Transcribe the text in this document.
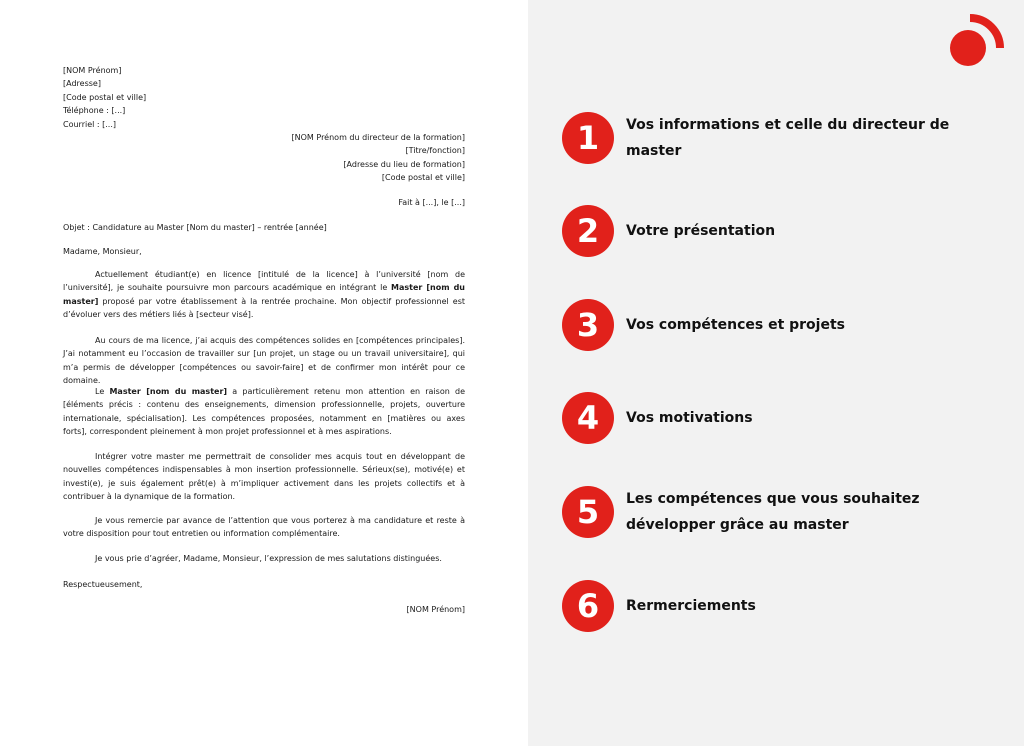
[NOM Prénom]
[Adresse]
[Code postal et ville]
Téléphone : [...]
Courriel : [...]
[NOM Prénom du directeur de la formation]
[Titre/fonction]
[Adresse du lieu de formation]
[Code postal et ville]
Fait à [...], le [...]
Objet : Candidature au Master [Nom du master] – rentrée [année]
Madame, Monsieur,

Actuellement étudiant(e) en licence [intitulé de la licence] à l’université [nom de l’université], je souhaite poursuivre mon parcours académique en intégrant le Master [nom du master] proposé par votre établissement à la rentrée prochaine. Mon objectif professionnel est d’évoluer vers des métiers liés à [secteur visé].

Au cours de ma licence, j’ai acquis des compétences solides en [compétences principales]. J’ai notamment eu l’occasion de travailler sur [un projet, un stage ou un travail universitaire], qui m’a permis de développer [compétences ou savoir-faire] et de confirmer mon intérêt pour ce domaine.

Le Master [nom du master] a particulièrement retenu mon attention en raison de [éléments précis : contenu des enseignements, dimension professionnelle, projets, ouverture internationale, spécialisation]. Les compétences proposées, notamment en [matières ou axes forts], correspondent pleinement à mon projet professionnel et à mes aspirations.

Intégrer votre master me permettrait de consolider mes acquis tout en développant de nouvelles compétences indispensables à mon insertion professionnelle. Sérieux(se), motivé(e) et investi(e), je suis également prêt(e) à m’impliquer activement dans les projets collectifs et à contribuer à la dynamique de la formation.

Je vous remercie par avance de l’attention que vous porterez à ma candidature et reste à votre disposition pour tout entretien ou information complémentaire.

Je vous prie d’agréer, Madame, Monsieur, l’expression de mes salutations distinguées.

Respectueusement,
[NOM Prénom]
1	Vos informations et celle du directeur de master
2	Votre présentation
3	Vos compétences et projets
4	Vos motivations
5	Les compétences que vous souhaitez développer grâce au master
6	Rermerciements
